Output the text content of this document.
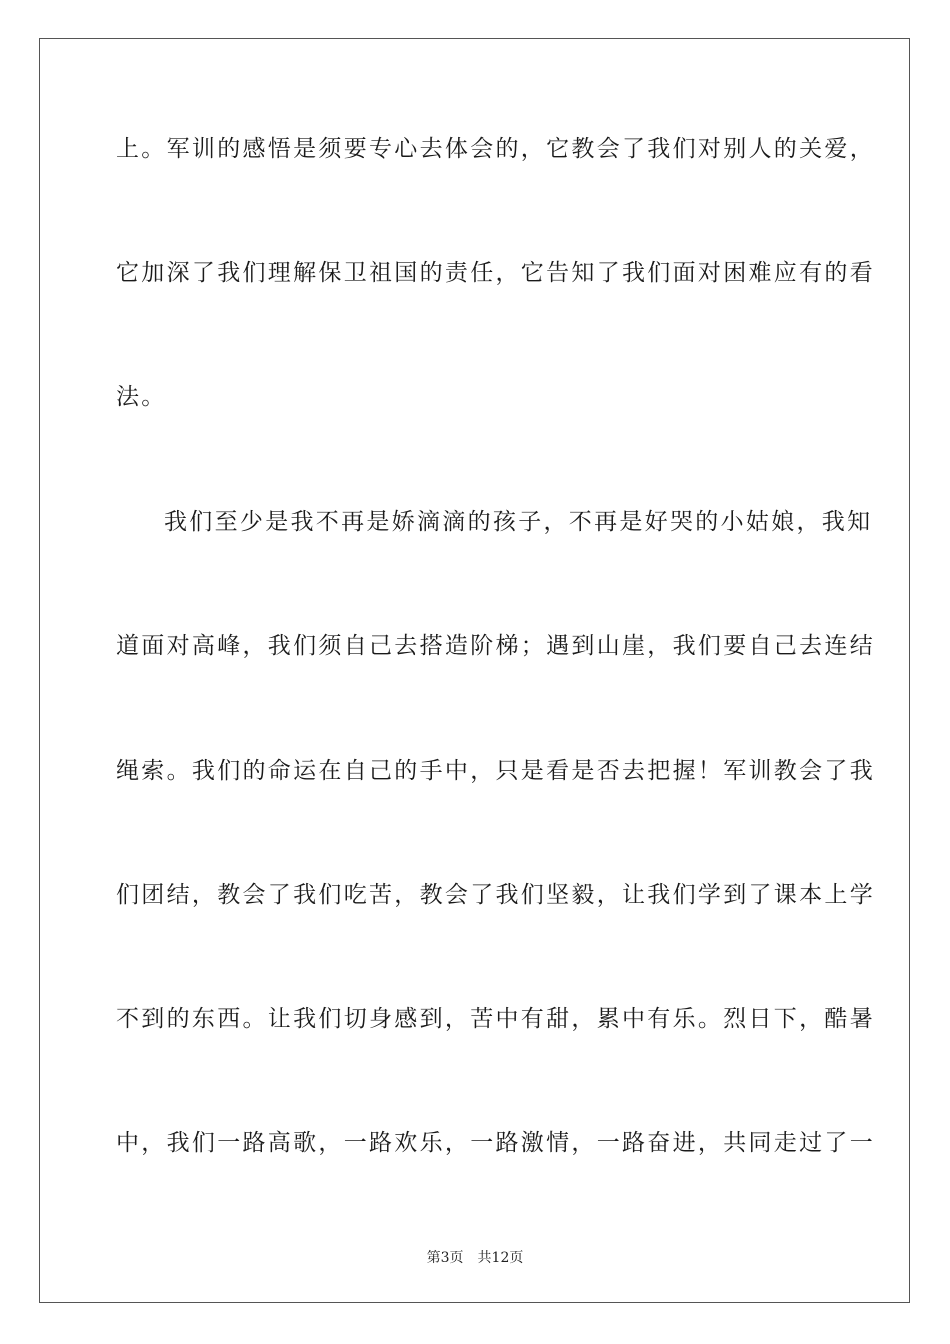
上。军训的感悟是须要专心去体会的，它教会了我们对别人的关爱，
它加深了我们理解保卫祖国的责任，它告知了我们面对困难应有的看
法。
我们至少是我不再是娇滴滴的孩子，不再是好哭的小姑娘，我知
道面对高峰，我们须自己去搭造阶梯；遇到山崖，我们要自己去连结
绳索。我们的命运在自己的手中，只是看是否去把握！军训教会了我
们团结，教会了我们吃苦，教会了我们坚毅，让我们学到了课本上学
不到的东西。让我们切身感到，苦中有甜，累中有乐。烈日下，酷暑
中，我们一路高歌，一路欢乐，一路激情，一路奋进，共同走过了一
第3页 共12页
